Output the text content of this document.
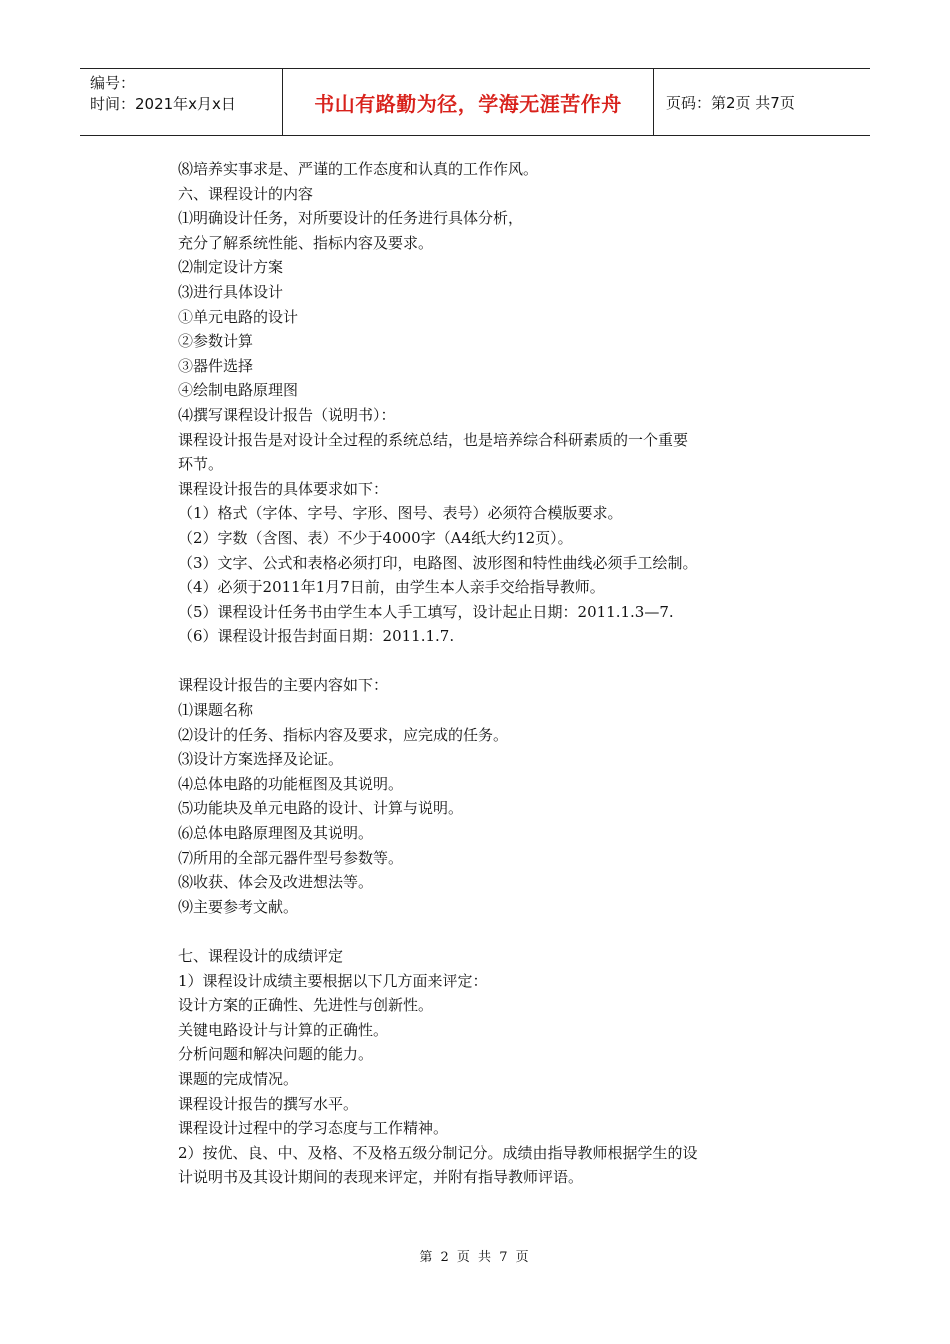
编号：
时间：2021年x月x日	书山有路勤为径，学海无涯苦作舟	页码：第2页 共7页
⑻培养实事求是、严谨的工作态度和认真的工作作风。
六、课程设计的内容
⑴明确设计任务，对所要设计的任务进行具体分析，
充分了解系统性能、指标内容及要求。
⑵制定设计方案
⑶进行具体设计
①单元电路的设计
②参数计算
③器件选择
④绘制电路原理图
⑷撰写课程设计报告（说明书）：
课程设计报告是对设计全过程的系统总结，也是培养综合科研素质的一个重要
环节。
课程设计报告的具体要求如下：
（1）格式（字体、字号、字形、图号、表号）必须符合模版要求。
（2）字数（含图、表）不少于4000字（A4纸大约12页）。
（3）文字、公式和表格必须打印，电路图、波形图和特性曲线必须手工绘制。
（4）必须于2011年1月7日前，由学生本人亲手交给指导教师。
（5）课程设计任务书由学生本人手工填写，设计起止日期：2011.1.3—7.
（6）课程设计报告封面日期：2011.1.7.
课程设计报告的主要内容如下：
⑴课题名称
⑵设计的任务、指标内容及要求，应完成的任务。
⑶设计方案选择及论证。
⑷总体电路的功能框图及其说明。
⑸功能块及单元电路的设计、计算与说明。
⑹总体电路原理图及其说明。
⑺所用的全部元器件型号参数等。
⑻收获、体会及改进想法等。
⑼主要参考文献。
七、课程设计的成绩评定
1）课程设计成绩主要根据以下几方面来评定：
设计方案的正确性、先进性与创新性。
关键电路设计与计算的正确性。
分析问题和解决问题的能力。
课题的完成情况。
课程设计报告的撰写水平。
课程设计过程中的学习态度与工作精神。
2）按优、良、中、及格、不及格五级分制记分。成绩由指导教师根据学生的设
计说明书及其设计期间的表现来评定，并附有指导教师评语。
第 2 页 共 7 页
